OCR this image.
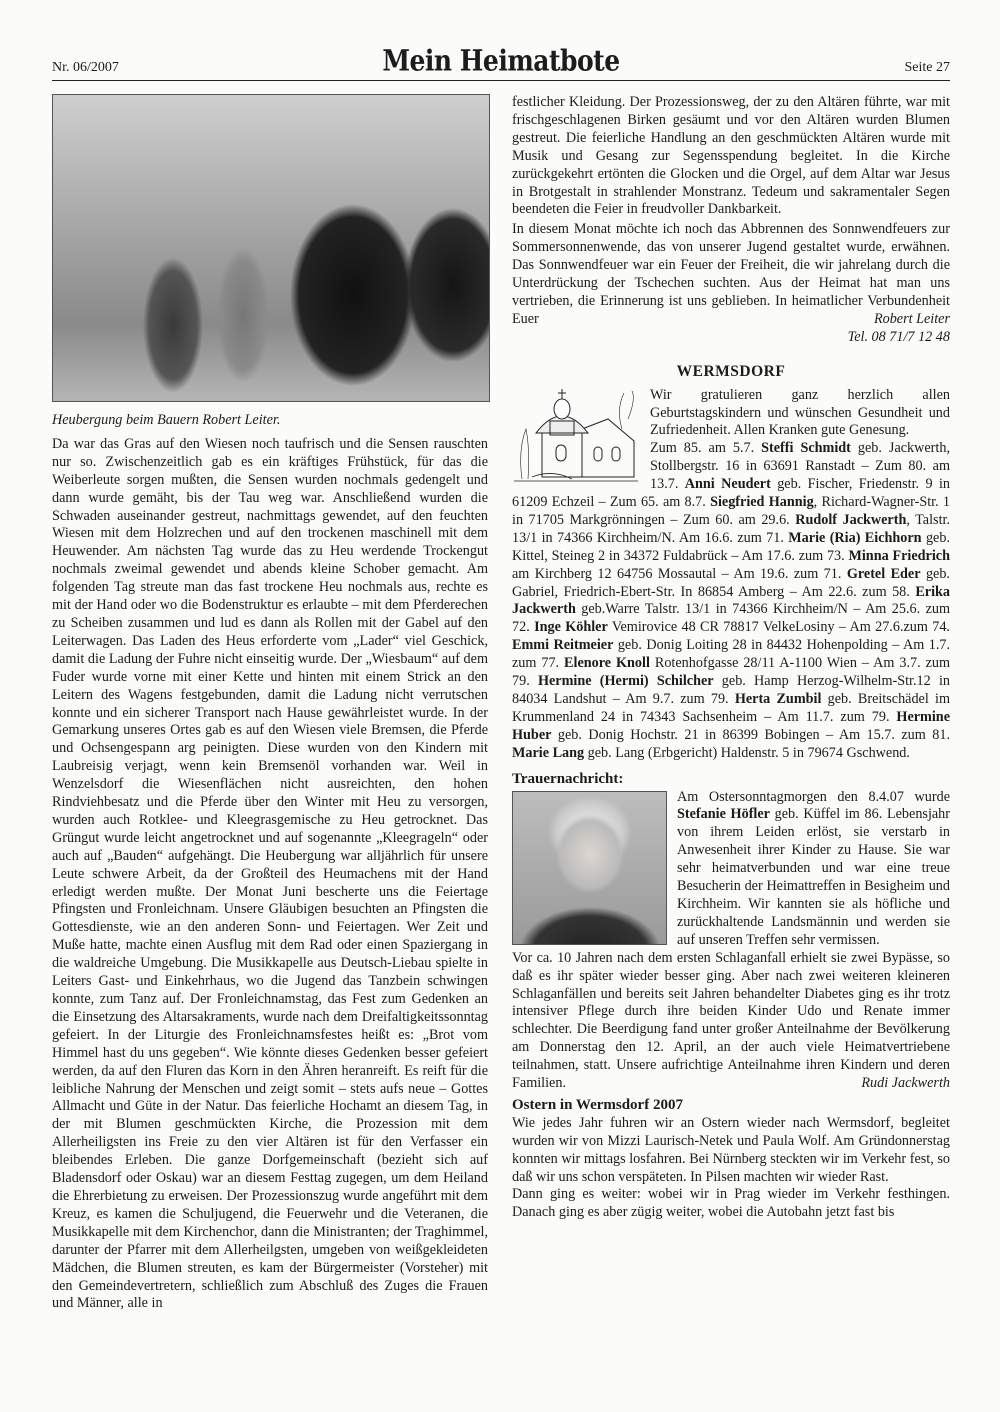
Nr. 06/2007	Mein Heimatbote	Seite 27
Heubergung beim Bauern Robert Leiter.

Da war das Gras auf den Wiesen noch taufrisch und die Sensen rauschten nur so. Zwischenzeitlich gab es ein kräftiges Frühstück, für das die Weiberleute sorgen mußten, die Sensen wurden nochmals gedengelt und dann wurde gemäht, bis der Tau weg war. Anschließend wurden die Schwaden auseinander gestreut, nachmittags gewendet, auf den feuchten Wiesen mit dem Holzrechen und auf den trockenen maschinell mit dem Heuwender. Am nächsten Tag wurde das zu Heu werdende Trockengut nochmals zweimal gewendet und abends kleine Schober gemacht. Am folgenden Tag streute man das fast trockene Heu nochmals aus, rechte es mit der Hand oder wo die Bodenstruktur es erlaubte – mit dem Pferderechen zu Scheiben zusammen und lud es dann als Rollen mit der Gabel auf den Leiterwagen. Das Laden des Heus erforderte vom „Lader“ viel Geschick, damit die Ladung der Fuhre nicht einseitig wurde. Der „Wiesbaum“ auf dem Fuder wurde vorne mit einer Kette und hinten mit einem Strick an den Leitern des Wagens festgebunden, damit die Ladung nicht verrutschen konnte und ein sicherer Transport nach Hause gewährleistet wurde. In der Gemarkung unseres Ortes gab es auf den Wiesen viele Bremsen, die Pferde und Ochsengespann arg peinigten. Diese wurden von den Kindern mit Laubreisig verjagt, wenn kein Bremsenöl vorhanden war. Weil in Wenzelsdorf die Wiesenflächen nicht ausreichten, den hohen Rindviehbesatz und die Pferde über den Winter mit Heu zu versorgen, wurden auch Rotklee- und Kleegrasgemische zu Heu getrocknet. Das Grüngut wurde leicht angetrocknet und auf sogenannte „Kleegrageln“ oder auch auf „Bauden“ aufgehängt. Die Heubergung war alljährlich für unsere Leute schwere Arbeit, da der Großteil des Heumachens mit der Hand erledigt werden mußte. Der Monat Juni bescherte uns die Feiertage Pfingsten und Fronleichnam. Unsere Gläubigen besuchten an Pfingsten die Gottesdienste, wie an den anderen Sonn- und Feiertagen. Wer Zeit und Muße hatte, machte einen Ausflug mit dem Rad oder einen Spaziergang in die waldreiche Umgebung. Die Musikkapelle aus Deutsch-Liebau spielte in Leiters Gast- und Einkehrhaus, wo die Jugend das Tanzbein schwingen konnte, zum Tanz auf. Der Fronleichnamstag, das Fest zum Gedenken an die Einsetzung des Altarsakraments, wurde nach dem Dreifaltigkeitssonntag gefeiert. In der Liturgie des Fronleichnamsfestes heißt es: „Brot vom Himmel hast du uns gegeben“. Wie könnte dieses Gedenken besser gefeiert werden, da auf den Fluren das Korn in den Ähren heranreift. Es reift für die leibliche Nahrung der Menschen und zeigt somit – stets aufs neue – Gottes Allmacht und Güte in der Natur. Das feierliche Hochamt an diesem Tag, in der mit Blumen geschmückten Kirche, die Prozession mit dem Allerheiligsten ins Freie zu den vier Altären ist für den Verfasser ein bleibendes Erleben. Die ganze Dorfgemeinschaft (bezieht sich auf Bladensdorf oder Oskau) war an diesem Festtag zugegen, um dem Heiland die Ehrerbietung zu erweisen. Der Prozessionszug wurde angeführt mit dem Kreuz, es kamen die Schuljugend, die Feuerwehr und die Veteranen, die Musikkapelle mit dem Kirchenchor, dann die Ministranten; der Traghimmel, darunter der Pfarrer mit dem Allerheilgsten, umgeben von weißgekleideten Mädchen, die Blumen streuten, es kam der Bürgermeister (Vorsteher) mit den Gemeindevertretern, schließlich zum Abschluß des Zuges die Frauen und Männer, alle in

festlicher Kleidung. Der Prozessionsweg, der zu den Altären führte, war mit frischgeschlagenen Birken gesäumt und vor den Altären wurden Blumen gestreut. Die feierliche Handlung an den geschmückten Altären wurde mit Musik und Gesang zur Segensspendung begleitet. In die Kirche zurückgekehrt ertönten die Glocken und die Orgel, auf dem Altar war Jesus in Brotgestalt in strahlender Monstranz. Tedeum und sakramentaler Segen beendeten die Feier in freudvoller Dankbarkeit.

In diesem Monat möchte ich noch das Abbrennen des Sonnwendfeuers zur Sommersonnenwende, das von unserer Jugend gestaltet wurde, erwähnen. Das Sonnwendfeuer war ein Feuer der Freiheit, die wir jahrelang durch die Unterdrückung der Tschechen suchten. Aus der Heimat hat man uns vertrieben, die Erinnerung ist uns geblieben. In heimatlicher Verbundenheit Euer	Robert Leiter

Tel. 08 71/7 12 48
WERMSDORF

Wir gratulieren ganz herzlich allen Geburtstagskindern und wünschen Gesundheit und Zufriedenheit. Allen Kranken gute Genesung.

Zum 85. am 5.7. Steffi Schmidt geb. Jackwerth, Stollbergstr. 16 in 63691 Ranstadt – Zum 80. am 13.7. Anni Neudert geb. Fischer, Friedenstr. 9 in 61209 Echzeil – Zum 65. am 8.7. Siegfried Hannig, Richard-Wagner-Str. 1 in 71705 Markgrönningen – Zum 60. am 29.6. Rudolf Jackwerth, Talstr. 13/1 in 74366 Kirchheim/N. Am 16.6. zum 71. Marie (Ria) Eichhorn geb. Kittel, Steineg 2 in 34372 Fuldabrück – Am 17.6. zum 73. Minna Friedrich am Kirchberg 12 64756 Mossautal – Am 19.6. zum 71. Gretel Eder geb. Gabriel, Friedrich-Ebert-Str. In 86854 Amberg – Am 22.6. zum 58. Erika Jackwerth geb.Warre Talstr. 13/1 in 74366 Kirchheim/N – Am 25.6. zum 72. Inge Köhler Vemirovice 48 CR 78817 VelkeLosiny – Am 27.6.zum 74. Emmi Reitmeier geb. Donig Loiting 28 in 84432 Hohenpolding – Am 1.7. zum 77. Elenore Knoll Rotenhofgasse 28/11 A-1100 Wien – Am 3.7. zum 79. Hermine (Hermi) Schilcher geb. Hamp Herzog-Wilhelm-Str.12 in 84034 Landshut – Am 9.7. zum 79. Herta Zumbil geb. Breitschädel im Krummenland 24 in 74343 Sachsenheim – Am 11.7. zum 79. Hermine Huber geb. Donig Hochstr. 21 in 86399 Bobingen – Am 15.7. zum 81. Marie Lang geb. Lang (Erbgericht) Haldenstr. 5 in 79674 Gschwend.

Trauernachricht:

Am Ostersonntagmorgen den 8.4.07 wurde Stefanie Höfler geb. Küffel im 86. Lebensjahr von ihrem Leiden erlöst, sie verstarb in Anwesenheit ihrer Kinder zu Hause. Sie war sehr heimatverbunden und war eine treue Besucherin der Heimattreffen in Besigheim und Kirchheim. Wir kannten sie als höfliche und zurückhaltende Landsmännin und werden sie auf unseren Treffen sehr vermissen.

Vor ca. 10 Jahren nach dem ersten Schlaganfall erhielt sie zwei Bypässe, so daß es ihr später wieder besser ging. Aber nach zwei weiteren kleineren Schlaganfällen und bereits seit Jahren behandelter Diabetes ging es ihr trotz intensiver Pflege durch ihre beiden Kinder Udo und Renate immer schlechter. Die Beerdigung fand unter großer Anteilnahme der Bevölkerung am Donnerstag den 12. April, an der auch viele Heimatvertriebene teilnahmen, statt. Unsere aufrichtige Anteilnahme ihren Kindern und deren Familien.	Rudi Jackwerth

Ostern in Wermsdorf 2007

Wie jedes Jahr fuhren wir an Ostern wieder nach Wermsdorf, begleitet wurden wir von Mizzi Laurisch-Netek und Paula Wolf. Am Gründonnerstag konnten wir mittags losfahren. Bei Nürnberg steckten wir im Verkehr fest, so daß wir uns schon verspäteten. In Pilsen machten wir wieder Rast.

Dann ging es weiter: wobei wir in Prag wieder im Verkehr festhingen. Danach ging es aber zügig weiter, wobei die Autobahn jetzt fast bis
